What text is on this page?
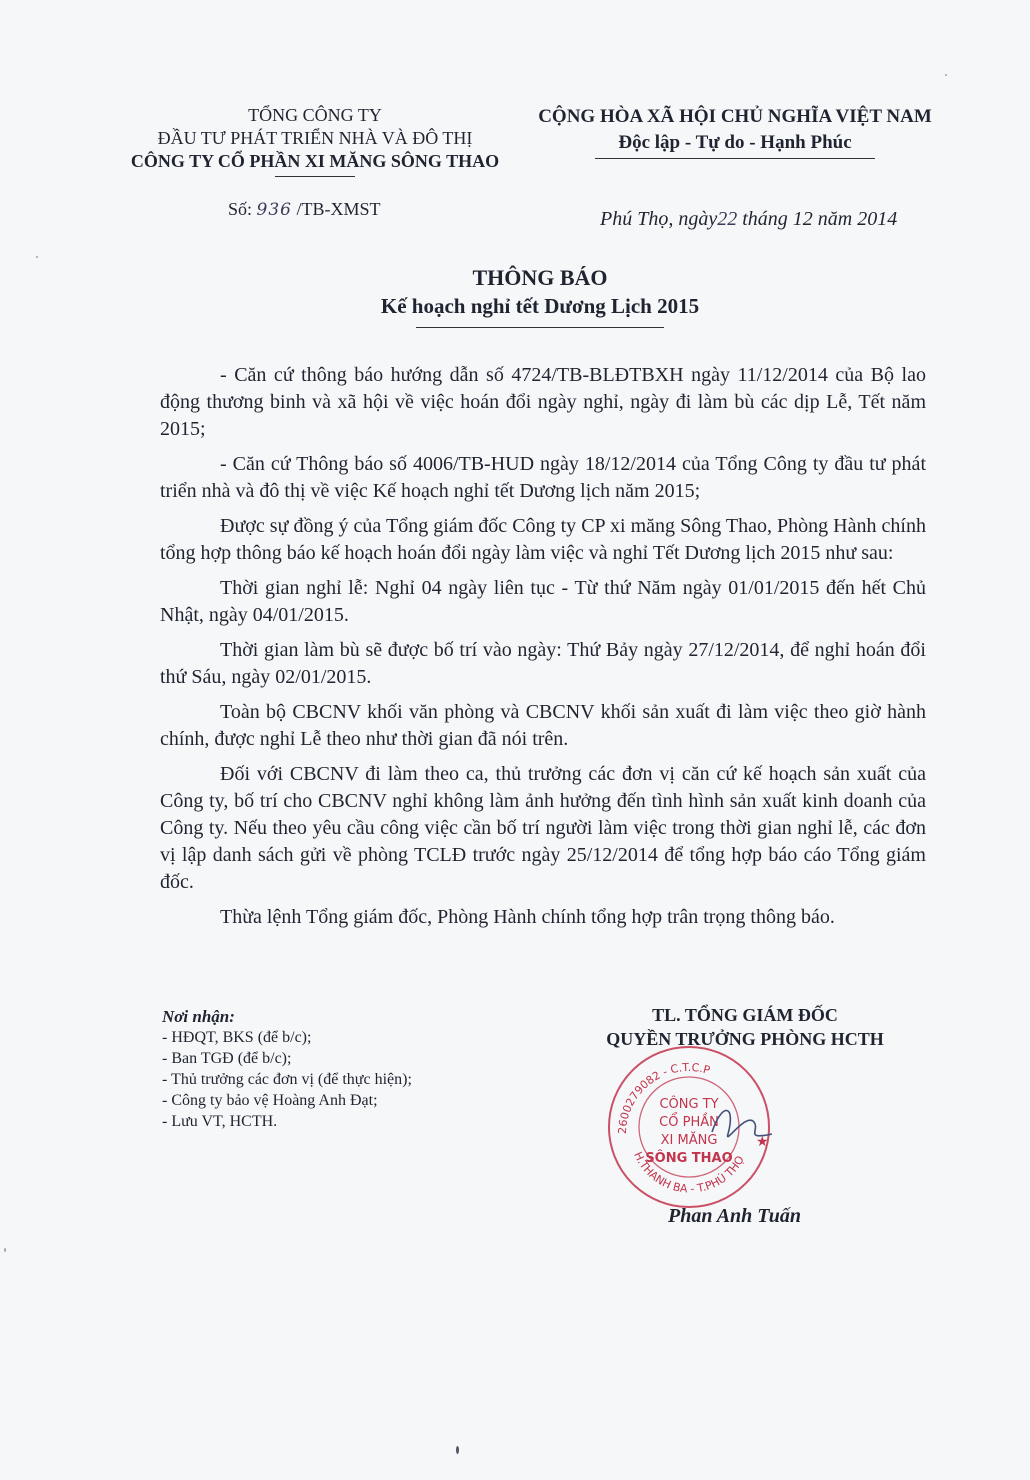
TỔNG CÔNG TY
ĐẦU TƯ PHÁT TRIỂN NHÀ VÀ ĐÔ THỊ
CÔNG TY CỔ PHẦN XI MĂNG SÔNG THAO
CỘNG HÒA XÃ HỘI CHỦ NGHĨA VIỆT NAM
Độc lập - Tự do - Hạnh Phúc
Số: 936 /TB-XMST	Phú Thọ, ngày22 tháng 12 năm 2014
THÔNG BÁO
Kế hoạch nghỉ tết Dương Lịch 2015

- Căn cứ thông báo hướng dẫn số 4724/TB-BLĐTBXH ngày 11/12/2014 của Bộ lao động thương binh và xã hội về việc hoán đổi ngày nghỉ, ngày đi làm bù các dịp Lễ, Tết năm 2015;

- Căn cứ Thông báo số 4006/TB-HUD ngày 18/12/2014 của Tổng Công ty đầu tư phát triển nhà và đô thị về việc Kế hoạch nghỉ tết Dương lịch năm 2015;

Được sự đồng ý của Tổng giám đốc Công ty CP xi măng Sông Thao, Phòng Hành chính tổng hợp thông báo kế hoạch hoán đổi ngày làm việc và nghỉ Tết Dương lịch 2015 như sau:

Thời gian nghỉ lễ: Nghỉ 04 ngày liên tục - Từ thứ Năm ngày 01/01/2015 đến hết Chủ Nhật, ngày 04/01/2015.

Thời gian làm bù sẽ được bố trí vào ngày: Thứ Bảy ngày 27/12/2014, để nghỉ hoán đổi thứ Sáu, ngày 02/01/2015.

Toàn bộ CBCNV khối văn phòng và CBCNV khối sản xuất đi làm việc theo giờ hành chính, được nghỉ Lễ theo như thời gian đã nói trên.

Đối với CBCNV đi làm theo ca, thủ trưởng các đơn vị căn cứ kế hoạch sản xuất của Công ty, bố trí cho CBCNV nghỉ không làm ảnh hưởng đến tình hình sản xuất kinh doanh của Công ty. Nếu theo yêu cầu công việc cần bố trí người làm việc trong thời gian nghỉ lễ, các đơn vị lập danh sách gửi về phòng TCLĐ trước ngày 25/12/2014 để tổng hợp báo cáo Tổng giám đốc.

Thừa lệnh Tổng giám đốc, Phòng Hành chính tổng hợp trân trọng thông báo.

Nơi nhận:
- HĐQT, BKS (để b/c);
- Ban TGĐ (để b/c);
- Thủ trưởng các đơn vị (để thực hiện);
- Công ty bảo vệ Hoàng Anh Đạt;
- Lưu VT, HCTH.
TL. TỔNG GIÁM ĐỐC
QUYỀN TRƯỞNG PHÒNG HCTH
2600279082 - C.T.C.P
H.THANH BA - T.PHÚ THỌ
CÔNG TY
CỔ PHẦN
XI MĂNG
SÔNG THAO
★
Phan Anh Tuấn
